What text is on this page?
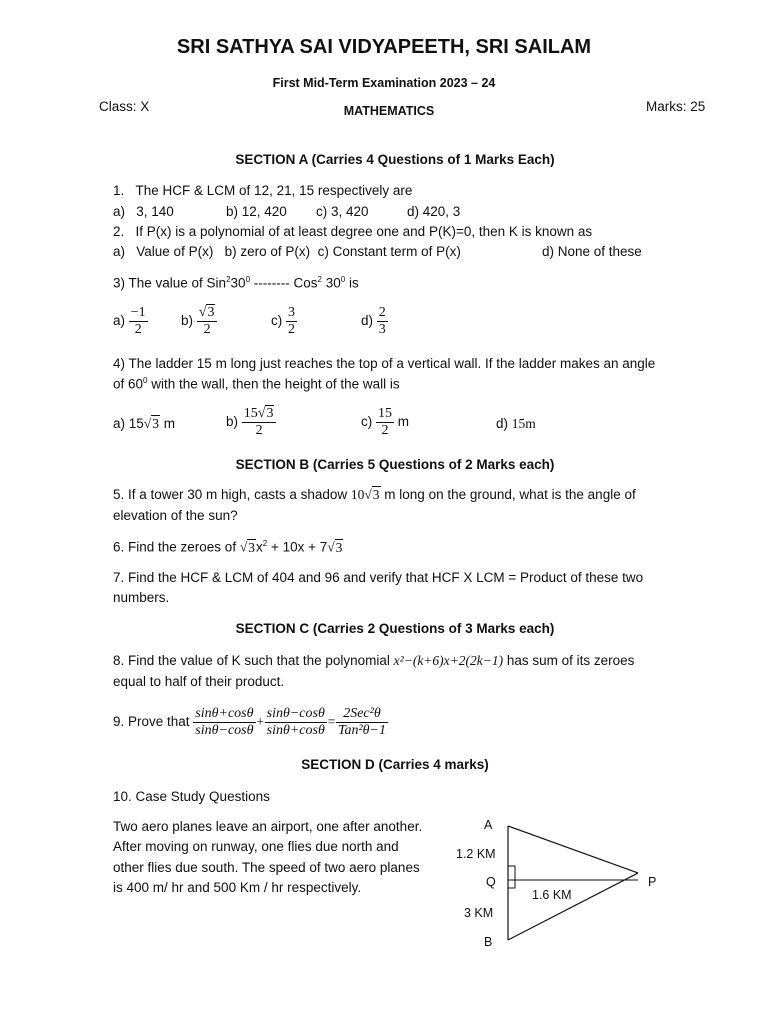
SRI SATHYA SAI VIDYAPEETH, SRI SAILAM
First Mid-Term Examination 2023 – 24
Class: X	MATHEMATICS	Marks: 25
SECTION A (Carries 4 Questions of 1 Marks Each)
1. The HCF & LCM of 12, 21, 15 respectively are
a) 3, 140	b) 12, 420 c) 3, 420	d) 420, 3
2. If P(x) is a polynomial of at least degree one and P(K)=0, then K is known as
a) Value of P(x)   b) zero of P(x)  c) Constant term of P(x)	d) None of these
3) The value of $Sin^230^0$ -------- Cos$^2$ $30^0$ is
$a) \frac{-1}{2} b) \frac{√3}{2}$	$c) \frac{3}{2}$	$d) \frac{2}{3}$
4) The ladder 15 m long just reaches the top of a vertical wall. If the ladder makes an angle
of $60^0$ with the wall, then the height of the wall is
a) 15√3 m	$b) \frac{15√3}{2}$	$c) \frac{15}{2}$ m	d) 15m
SECTION B (Carries 5 Questions of 2 Marks each)
5. If a tower 30 m high, casts a shadow 10√3 m long on the ground, what is the angle of
elevation of the sun?
6. Find the zeroes of $√3x^2 + 10x + 7√3$
7. Find the HCF & LCM of 404 and 96 and verify that HCF X LCM = Product of these two
numbers.
SECTION C (Carries 2 Questions of 3 Marks each)
8. Find the value of K such that the polynomial x²−(k+6)x+2(2k−1) has sum of its zeroes
equal to half of their product.
9. Prove that $\frac{\sin\theta+\cos\theta}{\sin\theta-\cos\theta} + \frac{\sin\theta-\cos\theta}{\sin\theta+\cos\theta} = \frac{\text{2Sec²θ}}{\text{Tan²θ−1}}$
SECTION D (Carries 4 marks)
10. Case Study Questions
Two aero planes leave an airport, one after another.
After moving on runway, one flies due north and
other flies due south. The speed of two aero planes
is 400 m/ hr and 500 Km / hr respectively.
A
1.2 KM
Q	P
1.6 KM
3 KM
B
